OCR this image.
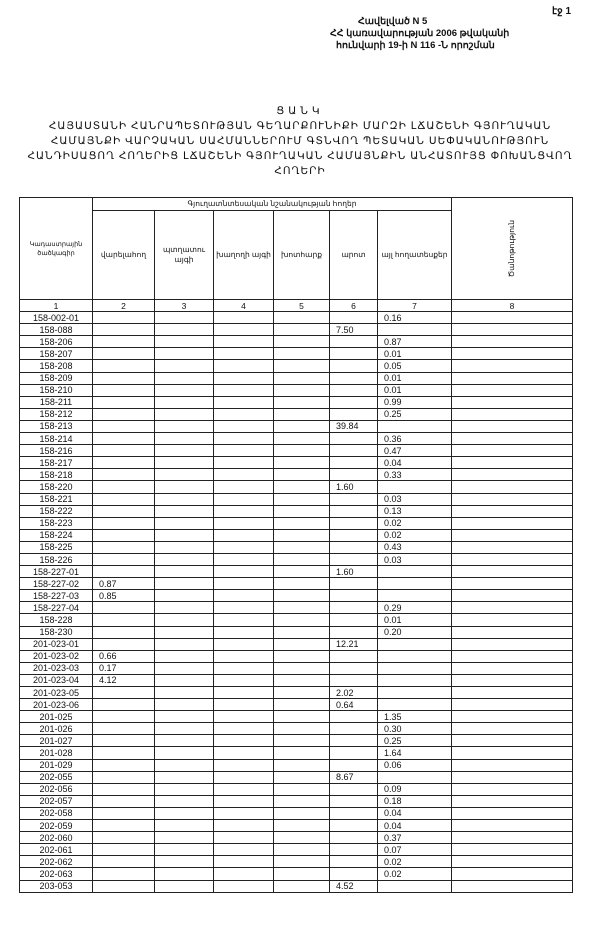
էջ 1
Հավելված N 5
ՀՀ կառավարության 2006 թվականի
հունվարի 19-ի N 116 -Ն որոշման
ՑԱՆԿ
ՀԱՅԱՍՏԱՆԻ ՀԱՆՐԱՊԵՏՈՒԹՅԱՆ ԳԵՂԱՐՔՈՒՆԻՔԻ ՄԱՐԶԻ ԼՃԱՇԵՆԻ ԳՅՈՒՂԱԿԱՆ
ՀԱՄԱՅՆՔԻ ՎԱՐՉԱԿԱՆ ՍԱՀՄԱՆՆԵՐՈՒՄ ԳՏՆՎՈՂ ՊԵՏԱԿԱՆ ՍԵՓԱԿԱՆՈՒԹՅՈՒՆ
ՀԱՆԴԻՍԱՑՈՂ ՀՈՂԵՐԻՑ ԼՃԱՇԵՆԻ ԳՅՈՒՂԱԿԱՆ ՀԱՄԱՅՆՔԻՆ ԱՆՀԱՏՈՒՅՑ ՓՈԽԱՆՑՎՈՂ
ՀՈՂԵՐԻ
Կադաստրային ծածկագիր	Գյուղատնտեսական նշանակության հողեր						Ծանոթություն

	վարելահող	պտղատու այգի	խաղողի այգի	խոտհարք	արոտ	այլ հողատեսքեր	

1	2	3	4	5	6	7	8
158-002-01						0.16	
158-088					7.50		
158-206						0.87	
158-207						0.01	
158-208						0.05	
158-209						0.01	
158-210						0.01	
158-211						0.99	
158-212						0.25	
158-213					39.84		
158-214						0.36	
158-216						0.47	
158-217						0.04	
158-218						0.33	
158-220					1.60		
158-221						0.03	
158-222						0.13	
158-223						0.02	
158-224						0.02	
158-225						0.43	
158-226						0.03	
158-227-01					1.60		
158-227-02	0.87						
158-227-03	0.85						
158-227-04						0.29	
158-228						0.01	
158-230						0.20	
201-023-01					12.21		
201-023-02	0.66						
201-023-03	0.17						
201-023-04	4.12						
201-023-05					2.02		
201-023-06					0.64		
201-025						1.35	
201-026						0.30	
201-027						0.25	
201-028						1.64	
201-029						0.06	
202-055					8.67		
202-056						0.09	
202-057						0.18	
202-058						0.04	
202-059						0.04	
202-060						0.37	
202-061						0.07	
202-062						0.02	
202-063						0.02	
203-053					4.52		
